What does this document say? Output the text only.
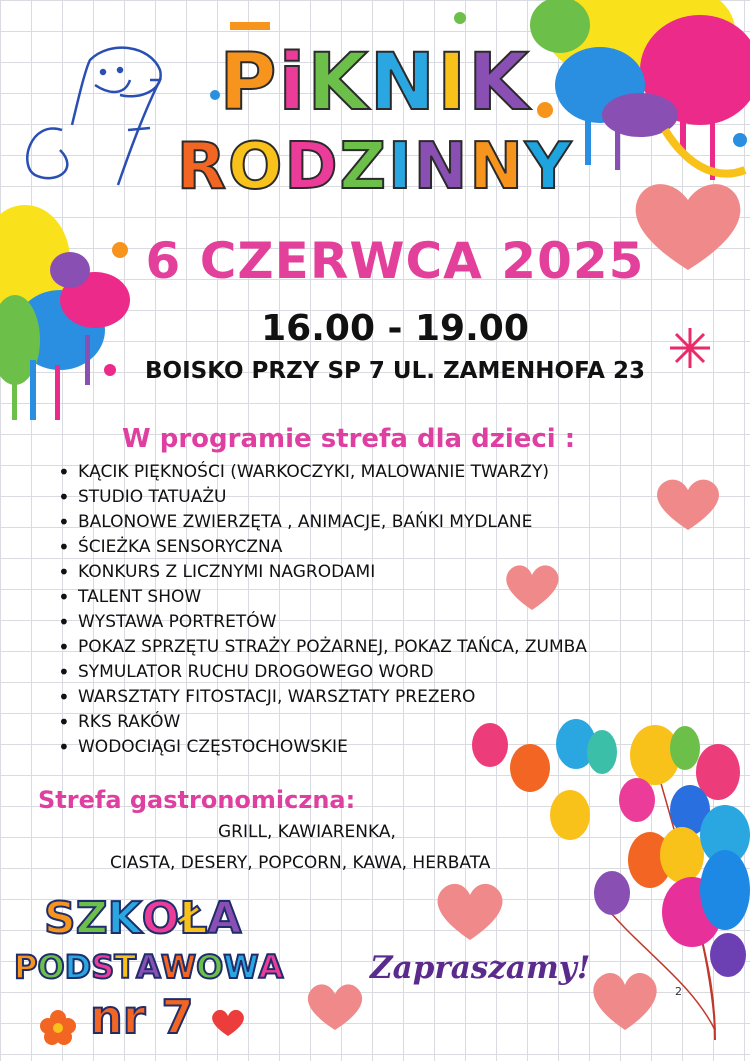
PiKNIK
RODZINNY
6 CZERWCA 2025
16.00 - 19.00
BOISKO PRZY SP 7 UL. ZAMENHOFA 23
W programie strefa dla dzieci :
• KĄCIK PIĘKNOŚCI (WARKOCZYKI, MALOWANIE TWARZY)
• STUDIO TATUAŻU
• BALONOWE ZWIERZĘTA , ANIMACJE, BAŃKI MYDLANE
• ŚCIEŻKA SENSORYCZNA
• KONKURS Z LICZNYMI NAGRODAMI
• TALENT SHOW
• WYSTAWA PORTRETÓW
• POKAZ SPRZĘTU STRAŻY POŻARNEJ, POKAZ TAŃCA, ZUMBA
• SYMULATOR RUCHU DROGOWEGO WORD
• WARSZTATY FITOSTACJI, WARSZTATY PREZERO
• RKS RAKÓW
• WODOCIĄGI CZĘSTOCHOWSKIE
Strefa gastronomiczna:
GRILL, KAWIARENKA,
CIASTA, DESERY, POPCORN, KAWA, HERBATA
SZKOŁA
PODSTAWOWA
nr 7
Zapraszamy!
2
